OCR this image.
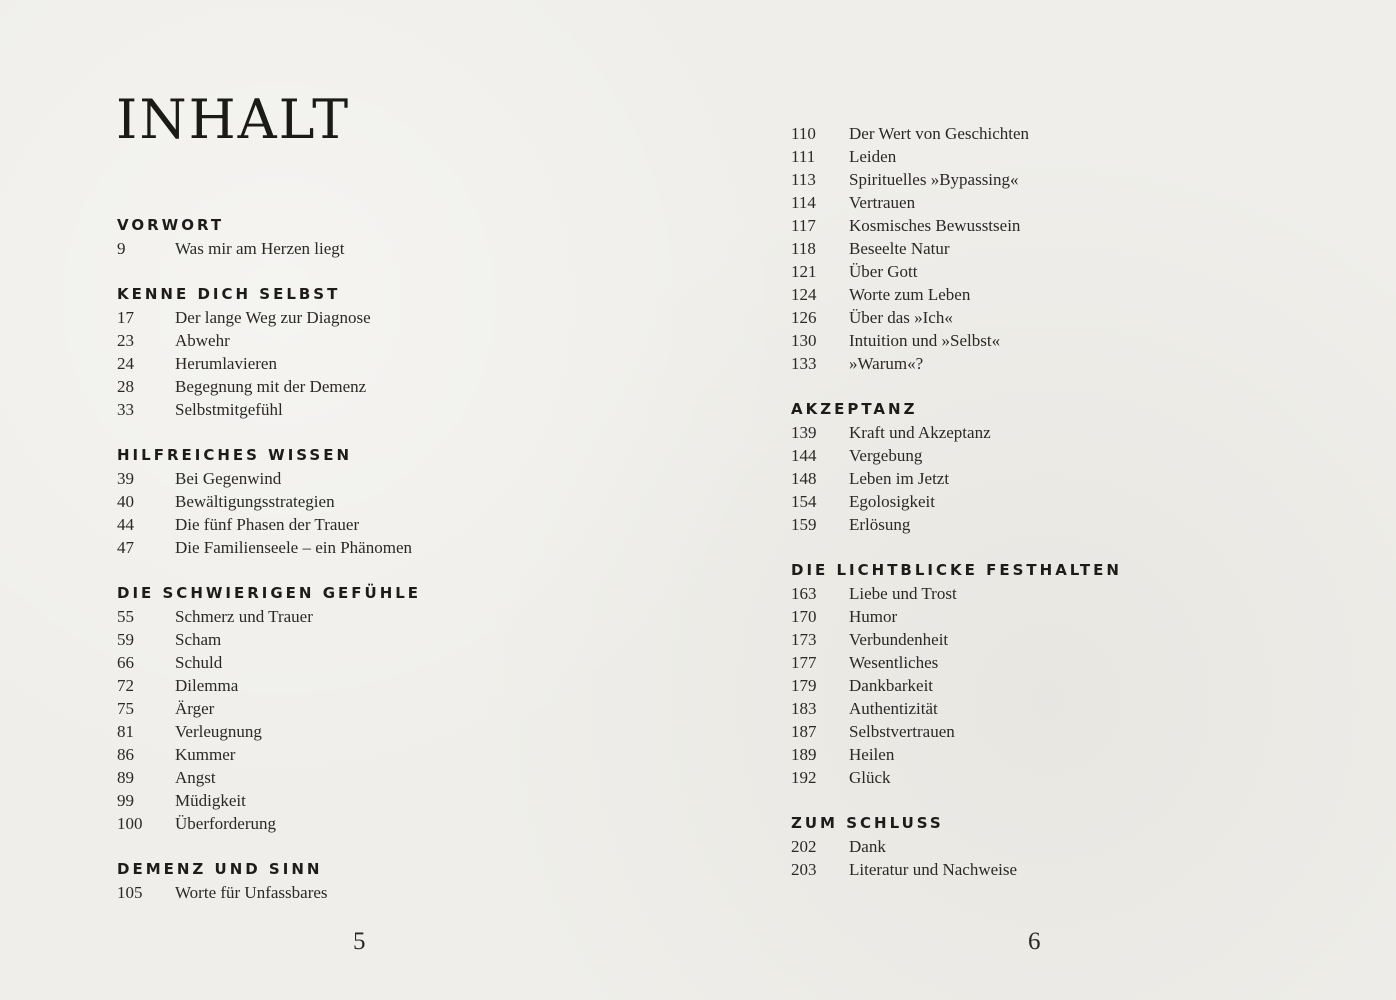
INHALT
VORWORT
9	Was mir am Herzen liegt
KENNE DICH SELBST
17	Der lange Weg zur Diagnose
23	Abwehr
24	Herumlavieren
28	Begegnung mit der Demenz
33	Selbstmitgefühl
HILFREICHES WISSEN
39	Bei Gegenwind
40	Bewältigungsstrategien
44	Die fünf Phasen der Trauer
47	Die Familienseele – ein Phänomen
DIE SCHWIERIGEN GEFÜHLE
55	Schmerz und Trauer
59	Scham
66	Schuld
72	Dilemma
75	Ärger
81	Verleugnung
86	Kummer
89	Angst
99	Müdigkeit
100	Überforderung
DEMENZ UND SINN
105	Worte für Unfassbares
5
110	Der Wert von Geschichten
111	Leiden
113	Spirituelles »Bypassing«
114	Vertrauen
117	Kosmisches Bewusstsein
118	Beseelte Natur
121	Über Gott
124	Worte zum Leben
126	Über das »Ich«
130	Intuition und »Selbst«
133	»Warum«?
AKZEPTANZ
139	Kraft und Akzeptanz
144	Vergebung
148	Leben im Jetzt
154	Egolosigkeit
159	Erlösung
DIE LICHTBLICKE FESTHALTEN
163	Liebe und Trost
170	Humor
173	Verbundenheit
177	Wesentliches
179	Dankbarkeit
183	Authentizität
187	Selbstvertrauen
189	Heilen
192	Glück
ZUM SCHLUSS
202	Dank
203	Literatur und Nachweise
6
